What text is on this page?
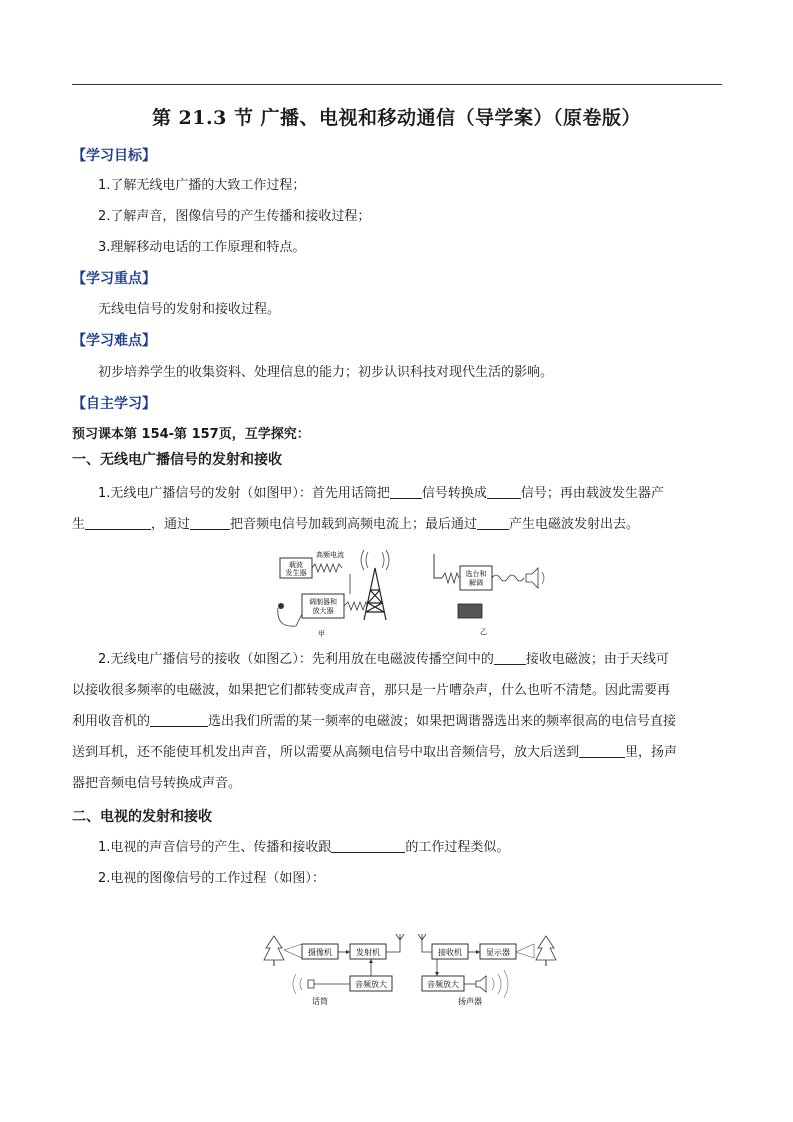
第 21.3 节 广播、电视和移动通信（导学案）（原卷版）
【学习目标】
1.了解无线电广播的大致工作过程；
2.了解声音，图像信号的产生传播和接收过程；
3.理解移动电话的工作原理和特点。
【学习重点】
无线电信号的发射和接收过程。
【学习难点】
初步培养学生的收集资料、处理信息的能力；初步认识科技对现代生活的影响。
【自主学习】
预习课本第 154-第 157页，互学探究：
一、无线电广播信号的发射和接收
1.无线电广播信号的发射（如图甲）：首先用话筒把 信号转换成	信号；再由载波发生器产
生	，通过	把音频电信号加载到高频电流上；最后通过 产生电磁波发射出去。
载波
发生器
高频电流
调制器和
放大器
甲
选台和
解调
乙
2.无线电广播信号的接收（如图乙）：先利用放在电磁波传播空间中的 接收电磁波；由于天线可
以接收很多频率的电磁波，如果把它们都转变成声音，那只是一片嘈杂声，什么也听不清楚。因此需要再
利用收音机的	选出我们所需的某一频率的电磁波；如果把调谐器选出来的频率很高的电信号直接
送到耳机，还不能使耳机发出声音，所以需要从高频电信号中取出音频信号，放大后送到	里，扬声
器把音频电信号转换成声音。
二、电视的发射和接收
1.电视的声音信号的产生、传播和接收跟	的工作过程类似。
2.电视的图像信号的工作过程（如图）：
摄像机	发射机
音频放大
话筒
接收机	显示器
音频放大
扬声器
